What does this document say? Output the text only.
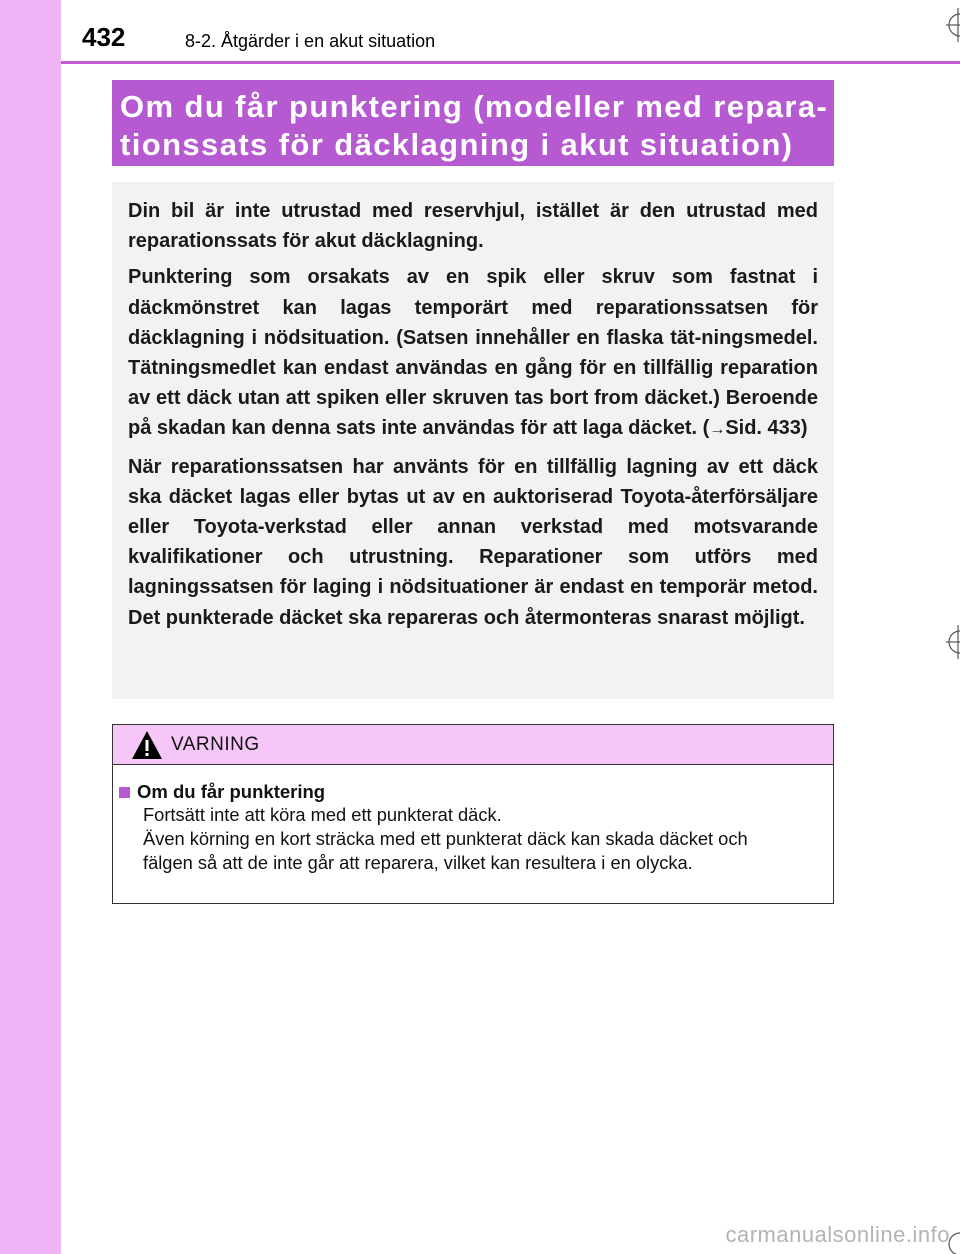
432	8-2. Åtgärder i en akut situation
Om du får punktering (modeller med repara-
tionssats för däcklagning i akut situation)

Din bil är inte utrustad med reservhjul, istället är den utrustad med reparationssats för akut däcklagning.

Punktering som orsakats av en spik eller skruv som fastnat i däckmönstret kan lagas temporärt med reparationssatsen för däcklagning i nödsituation. (Satsen innehåller en flaska tät-ningsmedel. Tätningsmedlet kan endast användas en gång för en tillfällig reparation av ett däck utan att spiken eller skruven tas bort from däcket.) Beroende på skadan kan denna sats inte användas för att laga däcket. (→Sid. 433)

När reparationssatsen har använts för en tillfällig lagning av ett däck ska däcket lagas eller bytas ut av en auktoriserad Toyota-återförsäljare eller Toyota-verkstad eller annan verkstad med motsvarande kvalifikationer och utrustning. Reparationer som utförs med lagningssatsen för laging i nödsituationer är endast en temporär metod. Det punkterade däcket ska repareras och återmonteras snarast möjligt.

VARNING
Om du får punktering
Fortsätt inte att köra med ett punkterat däck.
Även körning en kort sträcka med ett punkterat däck kan skada däcket och
fälgen så att de inte går att reparera, vilket kan resultera i en olycka.
carmanualsonline.info
